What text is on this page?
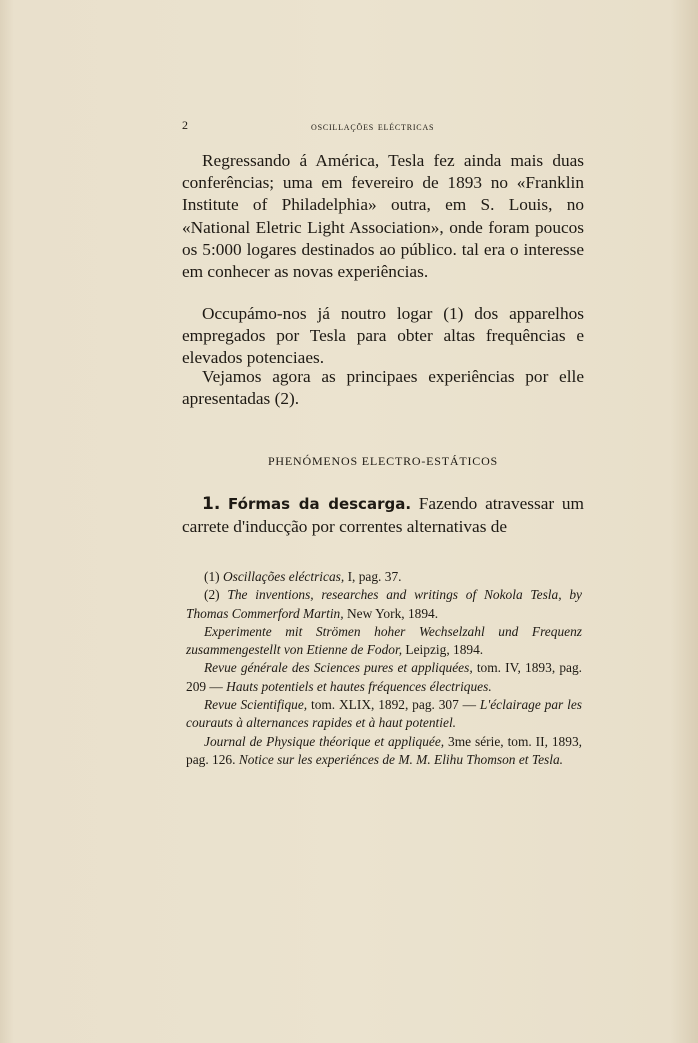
2	oscillações eléctricas

Regressando á América, Tesla fez ainda mais duas conferências; uma em fevereiro de 1893 no «Franklin Institute of Philadelphia» outra, em S. Louis, no «National Eletric Light Association», onde foram poucos os 5:000 logares destinados ao público. tal era o interesse em conhecer as novas experiências.

Occupámo-nos já noutro logar (1) dos apparelhos empregados por Tesla para obter altas frequências e elevados potenciaes.

Vejamos agora as principaes experiências por elle apresentadas (2).

PHENÓMENOS ELECTRO-ESTÁTICOS

1. Fórmas da descarga. Fazendo atravessar um carrete d'inducção por correntes alternativas de

(1) Oscillações eléctricas, I, pag. 37.

(2) The inventions, researches and writings of Nokola Tesla, by Thomas Commerford Martin, New York, 1894.

Experimente mit Strömen hoher Wechselzahl und Frequenz zusammengestellt von Etienne de Fodor, Leipzig, 1894.

Revue générale des Sciences pures et appliquées, tom. IV, 1893, pag. 209 — Hauts potentiels et hautes fréquences électriques.

Revue Scientifique, tom. XLIX, 1892, pag. 307 — L'éclairage par les courauts à alternances rapides et à haut potentiel.

Journal de Physique théorique et appliquée, 3me série, tom. II, 1893, pag. 126. Notice sur les experiénces de M. M. Elihu Thomson et Tesla.
